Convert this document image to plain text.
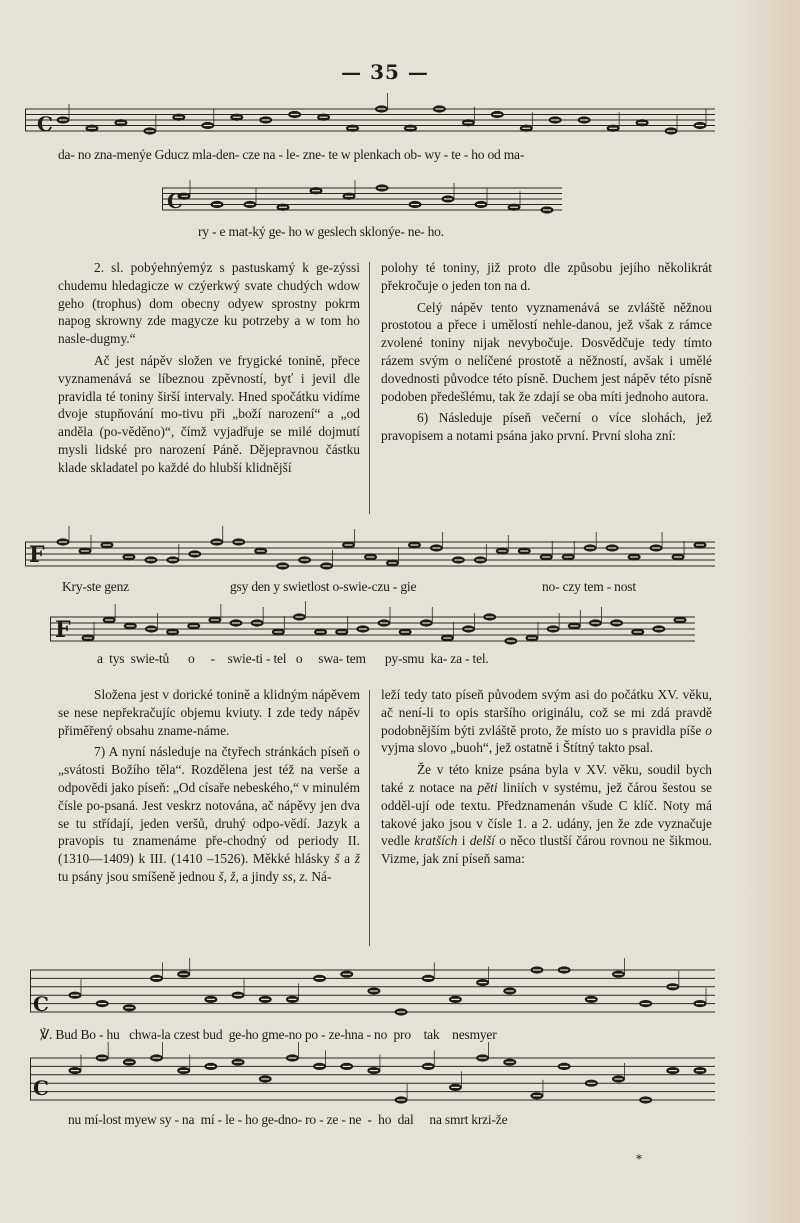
— 35 —
C
da- no zna-menýe Gducz mla-den- cze na - le- zne- te w plenkach ob- wy - te - ho od ma-
C
ry - e mat-ký ge- ho w geslech sklonýe- ne- ho.

2. sl. pobýehnýemýz s pastuskamý k ge-zýssi chudemu hledagicze w czýerkwý svate chudých wdow geho (trophus) dom obecny odyew sprostny pokrm napog skrowny zde magycze ku potrzeby a w tom ho nasle-dugmy.“

Ač jest nápěv složen ve frygické tonině, přece vyznamenává se líbeznou zpěvností, byť i jevil dle pravidla té toniny širší intervaly. Hned spočátku vidíme dvoje stupňování mo-tivu při „boží narození“ a „od anděla (po-věděno)“, čímž vyjadřuje se milé dojmutí mysli lidské pro narození Páně. Dějepravnou částku klade skladatel po každé do hlubší klidnější

polohy té toniny, již proto dle způsobu jejího několikrát překročuje o jeden ton na d.

Celý nápěv tento vyznamenává se zvláště něžnou prostotou a přece i umělostí nehle-danou, jež však z rámce zvolené toniny nijak nevybočuje. Dosvědčuje tedy tímto rázem svým o nelíčené prostotě a něžností, avšak i umělé dovednosti původce této písně. Duchem jest nápěv této písně podoben předešlému, tak že zdají se oba míti jednoho autora.

6) Následuje píseň večerní o více slohách, jež pravopisem a notami psána jako první. První sloha zní:

F
Kry-ste genz	gsy den y swietlost o-swie-czu - gie	no- czy tem - nost
F
a  tys  swie-tů      o     -    swie-ti - tel   o     swa- tem      py-smu  ka- za - tel.

Složena jest v dorické tonině a klidným nápěvem se nese nepřekračujíc objemu kviuty. I zde tedy nápěv přiměřený obsahu zname-náme.

7) A nyní následuje na čtyřech stránkách píseň o „svátosti Božího těla“. Rozdělena jest též na verše a odpovědi jako píseň: „Od císaře nebeského,“ v minulém čísle po-psaná. Jest veskrz notována, ač nápěvy jen dva se tu střídají, jeden veršů, druhý odpo-vědí. Jazyk a pravopis tu znamenáme pře-chodný od periody II. (1310—1409) k III. (1410 –1526). Měkké hlásky š a ž tu psány jsou smíšeně jednou š, ž, a jindy ss, z. Ná-

leží tedy tato píseň původem svým asi do počátku XV. věku, ač není-li to opis staršího originálu, což se mi zdá pravdě podobnějším býti zvláště proto, že místo uo s pravidla píše o vyjma slovo „buoh“, jež ostatně i Štítný takto psal.

Že v této knize psána byla v XV. věku, soudil bych také z notace na pěti liniích v systému, jež čárou šestou se odděl-ují ode textu. Předznamenán všude C klíč. Noty má takové jako jsou v čísle 1. a 2. udány, jen že zde vyznačuje vedle kratších i delší o něco tlustší čárou rovnou ne šikmou. Vizme, jak zní píseň sama:

C
℣. Bud Bo - hu   chwa-la czest bud  ge-ho gme-no po - ze-hna - no  pro    tak    nesmyer
C
nu mí-lost myew sy - na  mí - le - ho ge-dno- ro - ze - ne  -  ho  dal     na smrt krzi-že
*
